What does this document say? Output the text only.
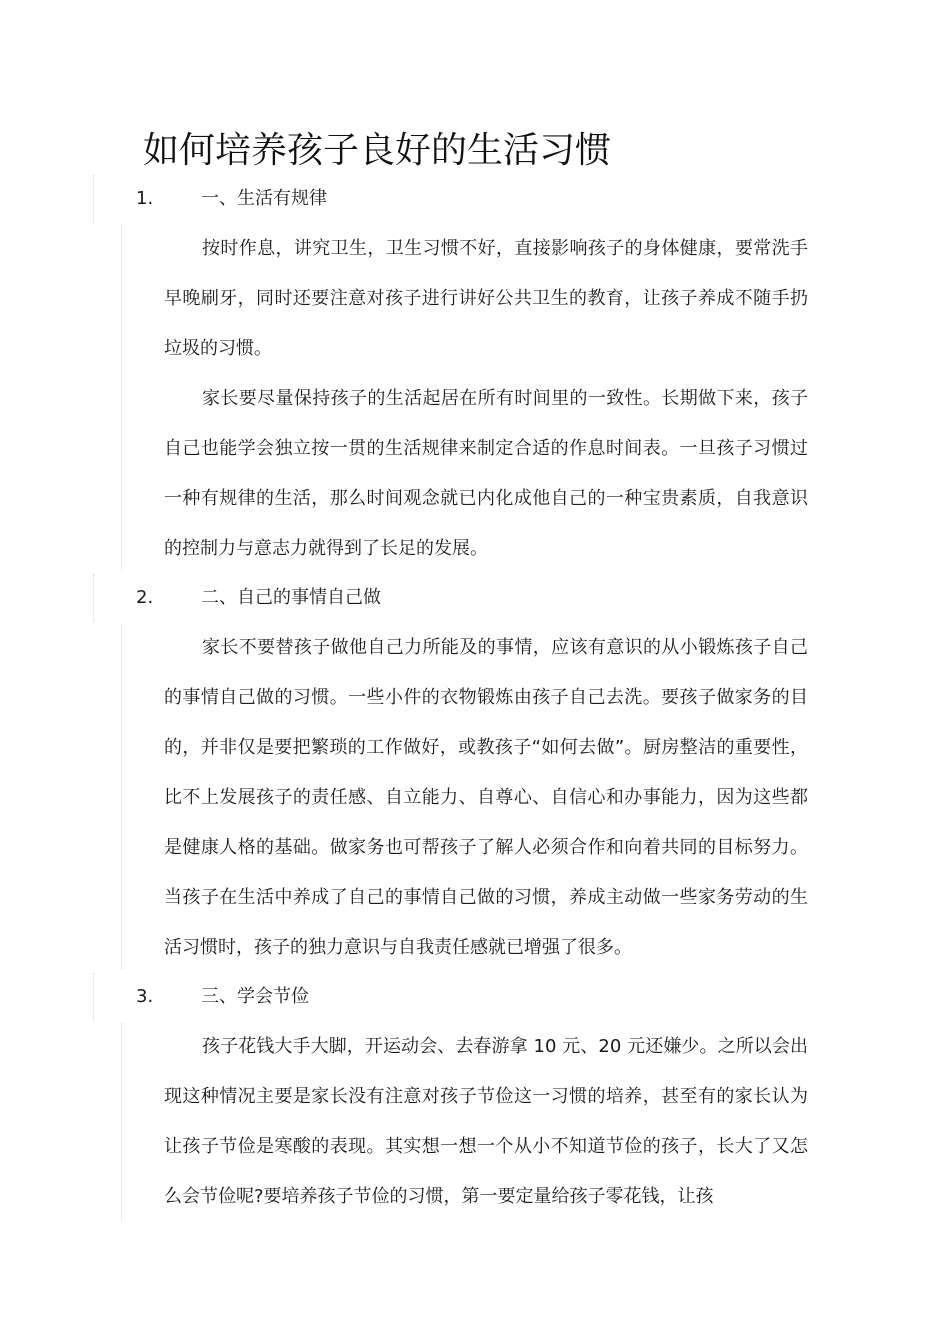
如何培养孩子良好的生活习惯
1.	一、生活有规律

按时作息，讲究卫生，卫生习惯不好，直接影响孩子的身体健康，要常洗手早晚刷牙，同时还要注意对孩子进行讲好公共卫生的教育，让孩子养成不随手扔垃圾的习惯。

家长要尽量保持孩子的生活起居在所有时间里的一致性。长期做下来，孩子自己也能学会独立按一贯的生活规律来制定合适的作息时间表。一旦孩子习惯过一种有规律的生活，那么时间观念就已内化成他自己的一种宝贵素质，自我意识的控制力与意志力就得到了长足的发展。

2.	二、自己的事情自己做

家长不要替孩子做他自己力所能及的事情，应该有意识的从小锻炼孩子自己的事情自己做的习惯。一些小件的衣物锻炼由孩子自己去洗。要孩子做家务的目的，并非仅是要把繁琐的工作做好，或教孩子“如何去做”。厨房整洁的重要性，比不上发展孩子的责任感、自立能力、自尊心、自信心和办事能力，因为这些都是健康人格的基础。做家务也可帮孩子了解人必须合作和向着共同的目标努力。当孩子在生活中养成了自己的事情自己做的习惯，养成主动做一些家务劳动的生活习惯时，孩子的独力意识与自我责任感就已增强了很多。

3.	三、学会节俭

孩子花钱大手大脚，开运动会、去春游拿 10 元、20 元还嫌少。之所以会出现这种情况主要是家长没有注意对孩子节俭这一习惯的培养，甚至有的家长认为让孩子节俭是寒酸的表现。其实想一想一个从小不知道节俭的孩子，长大了又怎么会节俭呢?要培养孩子节俭的习惯，第一要定量给孩子零花钱，让孩
